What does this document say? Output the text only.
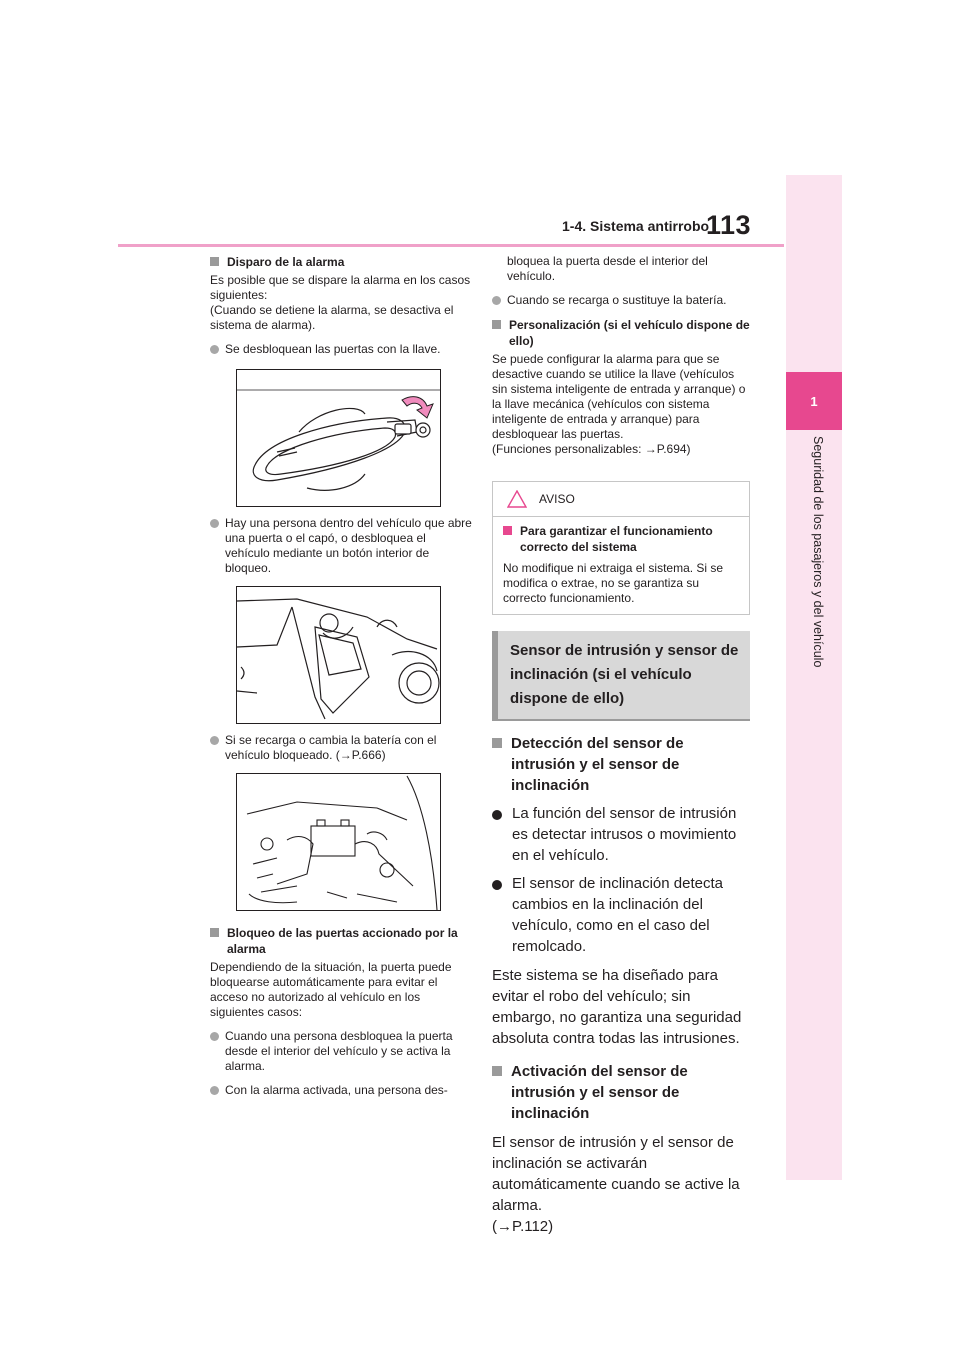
1-4. Sistema antirrobo
113
1
Seguridad de los pasajeros y del vehículo
Disparo de la alarma

Es posible que se dispare la alarma en los casos siguientes:

(Cuando se detiene la alarma, se desactiva el sistema de alarma).

Se desbloquean las puertas con la llave.
Hay una persona dentro del vehículo que abre una puerta o el capó, o desbloquea el vehículo mediante un botón interior de bloqueo.
Si se recarga o cambia la batería con el vehículo bloqueado. (→P.666)
Bloqueo de las puertas accionado por la alarma

Dependiendo de la situación, la puerta puede bloquearse automáticamente para evitar el acceso no autorizado al vehículo en los siguientes casos:

Cuando una persona desbloquea la puerta desde el interior del vehículo y se activa la alarma.
Con la alarma activada, una persona des-

bloquea la puerta desde el interior del vehículo.

Cuando se recarga o sustituye la batería.
Personalización (si el vehículo dispone de ello)

Se puede configurar la alarma para que se desactive cuando se utilice la llave (vehículos sin sistema inteligente de entrada y arranque) o la llave mecánica (vehículos con sistema inteligente de entrada y arranque) para desbloquear las puertas.

(Funciones personalizables: →P.694)

AVISO
Para garantizar el funcionamiento correcto del sistema

No modifique ni extraiga el sistema. Si se modifica o extrae, no se garantiza su correcto funcionamiento.

Sensor de intrusión y sensor de inclinación (si el vehículo dispone de ello)
Detección del sensor de intrusión y el sensor de inclinación
La función del sensor de intrusión es detectar intrusos o movimiento en el vehículo.
El sensor de inclinación detecta cambios en la inclinación del vehículo, como en el caso del remolcado.

Este sistema se ha diseñado para evitar el robo del vehículo; sin embargo, no garantiza una seguridad absoluta contra todas las intrusiones.

Activación del sensor de intrusión y el sensor de inclinación

El sensor de intrusión y el sensor de inclinación se activarán automáticamente cuando se active la alarma.

(→P.112)
